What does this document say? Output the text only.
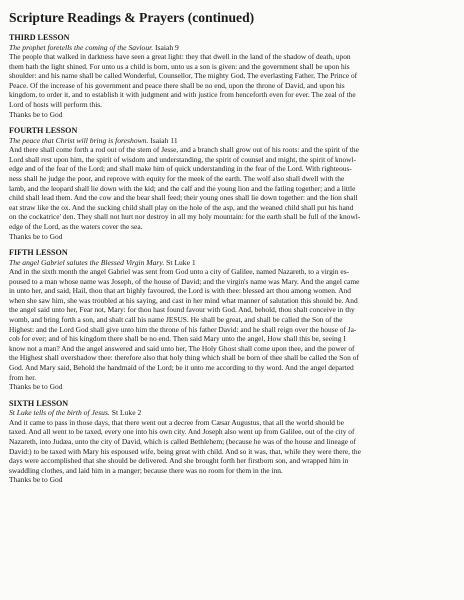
Scripture Readings & Prayers (continued)
THIRD LESSON
The prophet foretells the coming of the Saviour. Isaiah 9
The people that walked in darkness have seen a great light: they that dwell in the land of the shadow of death, upon
them hath the light shined. For unto us a child is born, unto us a son is given: and the government shall be upon his
shoulder: and his name shall be called Wonderful, Counsellor, The mighty God, The everlasting Father, The Prince of
Peace. Of the increase of his government and peace there shall be no end, upon the throne of David, and upon his
kingdom, to order it, and to establish it with judgment and with justice from henceforth even for ever. The zeal of the
Lord of hosts will perform this.
Thanks be to God
FOURTH LESSON
The peace that Christ will bring is foreshown. Isaiah 11
And there shall come forth a rod out of the stem of Jesse, and a branch shall grow out of his roots: and the spirit of the
Lord shall rest upon him, the spirit of wisdom and understanding, the spirit of counsel and might, the spirit of knowl-
edge and of the fear of the Lord; and shall make him of quick understanding in the fear of the Lord. With righteous-
ness shall he judge the poor, and reprove with equity for the meek of the earth. The wolf also shall dwell with the
lamb, and the leopard shall lie down with the kid; and the calf and the young lion and the fatling together; and a little
child shall lead them. And the cow and the bear shall feed; their young ones shall lie down together: and the lion shall
eat straw like the ox. And the sucking child shall play on the hole of the asp, and the weaned child shall put his hand
on the cockatrice' den. They shall not hurt nor destroy in all my holy mountain: for the earth shall be full of the knowl-
edge of the Lord, as the waters cover the sea.
Thanks be to God
FIFTH LESSON
The angel Gabriel salutes the Blessed Virgin Mary. St Luke 1
And in the sixth month the angel Gabriel was sent from God unto a city of Galilee, named Nazareth, to a virgin es-
poused to a man whose name was Joseph, of the house of David; and the virgin's name was Mary. And the angel came
in unto her, and said, Hail, thou that art highly favoured, the Lord is with thee: blessed art thou among women. And
when she saw him, she was troubled at his saying, and cast in her mind what manner of salutation this should be. And
the angel said unto her, Fear not, Mary: for thou hast found favour with God. And, behold, thou shalt conceive in thy
womb, and bring forth a son, and shalt call his name JESUS. He shall be great, and shall be called the Son of the
Highest: and the Lord God shall give unto him the throne of his father David: and he shall reign over the house of Ja-
cob for ever; and of his kingdom there shall be no end. Then said Mary unto the angel, How shall this be, seeing I
know not a man? And the angel answered and said unto her, The Holy Ghost shall come upon thee, and the power of
the Highest shall overshadow thee: therefore also that holy thing which shall be born of thee shall be called the Son of
God. And Mary said, Behold the handmaid of the Lord; be it unto me according to thy word. And the angel departed
from her.
Thanks be to God
SIXTH LESSON
St Luke tells of the birth of Jesus. St Luke 2
And it came to pass in those days, that there went out a decree from Cæsar Augustus, that all the world should be
taxed. And all went to be taxed, every one into his own city. And Joseph also went up from Galilee, out of the city of
Nazareth, into Judæa, unto the city of David, which is called Bethlehem; (because he was of the house and lineage of
David:) to be taxed with Mary his espoused wife, being great with child. And so it was, that, while they were there, the
days were accomplished that she should be delivered. And she brought forth her firstborn son, and wrapped him in
swaddling clothes, and laid him in a manger; because there was no room for them in the inn.
Thanks be to God
